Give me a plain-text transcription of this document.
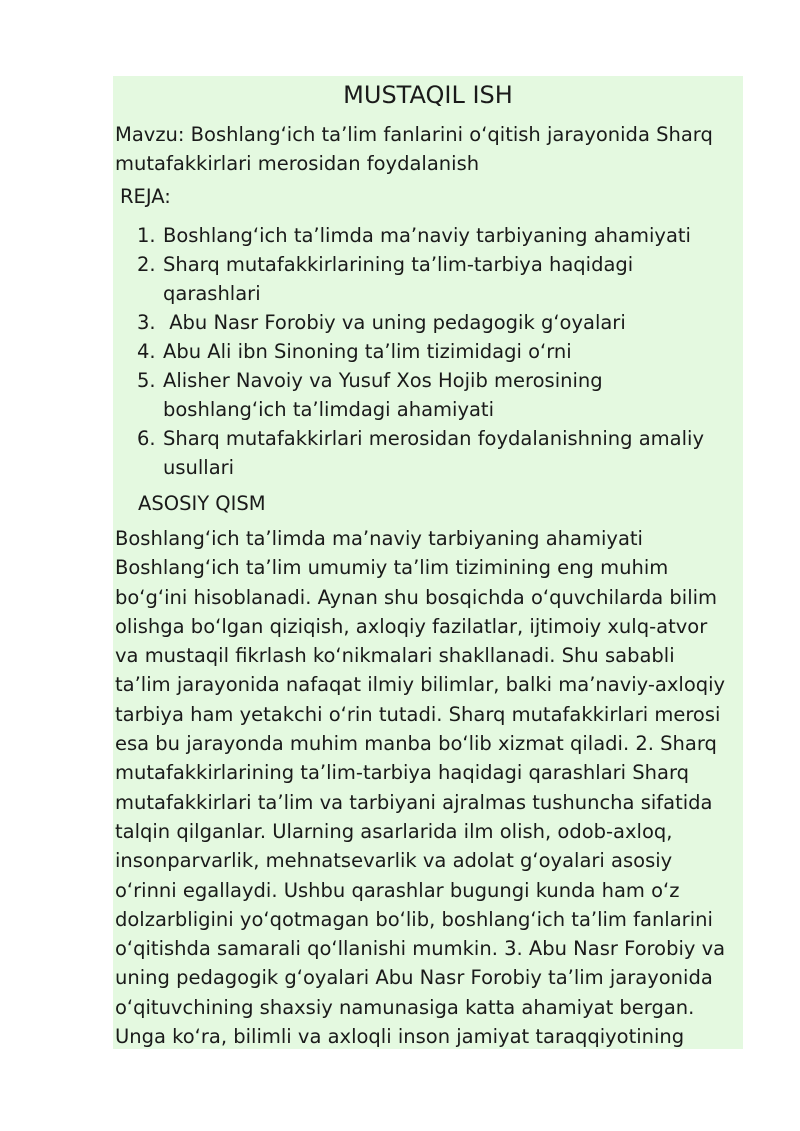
MUSTAQIL ISH
Mavzu: Boshlang‘ich ta’lim fanlarini o‘qitish jarayonida Sharq
mutafakkirlari merosidan foydalanish
REJA:
1. Boshlang‘ich ta’limda ma’naviy tarbiyaning ahamiyati
2. Sharq mutafakkirlarining ta’lim-tarbiya haqidagi
qarashlari
3. Abu Nasr Forobiy va uning pedagogik g‘oyalari
4. Abu Ali ibn Sinoning ta’lim tizimidagi o‘rni
5. Alisher Navoiy va Yusuf Xos Hojib merosining
boshlang‘ich ta’limdagi ahamiyati
6. Sharq mutafakkirlari merosidan foydalanishning amaliy
usullari
ASOSIY QISM
Boshlang‘ich ta’limda ma’naviy tarbiyaning ahamiyati
Boshlang‘ich ta’lim umumiy ta’lim tizimining eng muhim
bo‘g‘ini hisoblanadi. Aynan shu bosqichda o‘quvchilarda bilim
olishga bo‘lgan qiziqish, axloqiy fazilatlar, ijtimoiy xulq-atvor
va mustaqil fikrlash ko‘nikmalari shakllanadi. Shu sababli
ta’lim jarayonida nafaqat ilmiy bilimlar, balki ma’naviy-axloqiy
tarbiya ham yetakchi o‘rin tutadi. Sharq mutafakkirlari merosi
esa bu jarayonda muhim manba bo‘lib xizmat qiladi. 2. Sharq
mutafakkirlarining ta’lim-tarbiya haqidagi qarashlari Sharq
mutafakkirlari ta’lim va tarbiyani ajralmas tushuncha sifatida
talqin qilganlar. Ularning asarlarida ilm olish, odob-axloq,
insonparvarlik, mehnatsevarlik va adolat g‘oyalari asosiy
o‘rinni egallaydi. Ushbu qarashlar bugungi kunda ham o‘z
dolzarbligini yo‘qotmagan bo‘lib, boshlang‘ich ta’lim fanlarini
o‘qitishda samarali qo‘llanishi mumkin. 3. Abu Nasr Forobiy va
uning pedagogik g‘oyalari Abu Nasr Forobiy ta’lim jarayonida
o‘qituvchining shaxsiy namunasiga katta ahamiyat bergan.
Unga ko‘ra, bilimli va axloqli inson jamiyat taraqqiyotining
